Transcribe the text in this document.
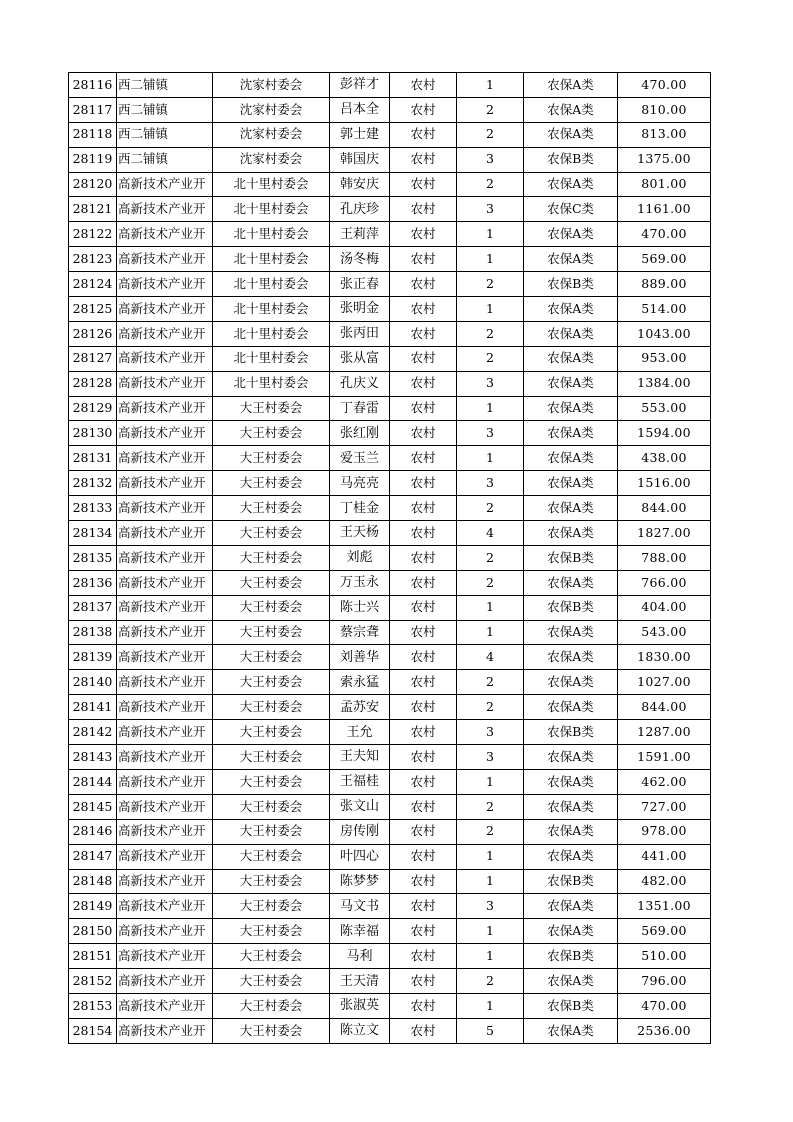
28116	西二铺镇	沈家村委会	彭祥才	农村	1	农保A类	470.00
28117	西二铺镇	沈家村委会	吕本全	农村	2	农保A类	810.00
28118	西二铺镇	沈家村委会	郭士建	农村	2	农保A类	813.00
28119	西二铺镇	沈家村委会	韩国庆	农村	3	农保B类	1375.00
28120	高新技术产业开	北十里村委会	韩安庆	农村	2	农保A类	801.00
28121	高新技术产业开	北十里村委会	孔庆珍	农村	3	农保C类	1161.00
28122	高新技术产业开	北十里村委会	王莉萍	农村	1	农保A类	470.00
28123	高新技术产业开	北十里村委会	汤冬梅	农村	1	农保A类	569.00
28124	高新技术产业开	北十里村委会	张正春	农村	2	农保B类	889.00
28125	高新技术产业开	北十里村委会	张明金	农村	1	农保A类	514.00
28126	高新技术产业开	北十里村委会	张丙田	农村	2	农保A类	1043.00
28127	高新技术产业开	北十里村委会	张从富	农村	2	农保A类	953.00
28128	高新技术产业开	北十里村委会	孔庆义	农村	3	农保A类	1384.00
28129	高新技术产业开	大王村委会	丁春雷	农村	1	农保A类	553.00
28130	高新技术产业开	大王村委会	张红刚	农村	3	农保A类	1594.00
28131	高新技术产业开	大王村委会	爱玉兰	农村	1	农保A类	438.00
28132	高新技术产业开	大王村委会	马亮亮	农村	3	农保A类	1516.00
28133	高新技术产业开	大王村委会	丁桂金	农村	2	农保A类	844.00
28134	高新技术产业开	大王村委会	王天杨	农村	4	农保A类	1827.00
28135	高新技术产业开	大王村委会	刘彪	农村	2	农保B类	788.00
28136	高新技术产业开	大王村委会	万玉永	农村	2	农保A类	766.00
28137	高新技术产业开	大王村委会	陈士兴	农村	1	农保B类	404.00
28138	高新技术产业开	大王村委会	蔡宗聋	农村	1	农保A类	543.00
28139	高新技术产业开	大王村委会	刘善华	农村	4	农保A类	1830.00
28140	高新技术产业开	大王村委会	索永猛	农村	2	农保A类	1027.00
28141	高新技术产业开	大王村委会	孟苏安	农村	2	农保A类	844.00
28142	高新技术产业开	大王村委会	王允	农村	3	农保B类	1287.00
28143	高新技术产业开	大王村委会	王夫知	农村	3	农保A类	1591.00
28144	高新技术产业开	大王村委会	王福桂	农村	1	农保A类	462.00
28145	高新技术产业开	大王村委会	张文山	农村	2	农保A类	727.00
28146	高新技术产业开	大王村委会	房传刚	农村	2	农保A类	978.00
28147	高新技术产业开	大王村委会	叶四心	农村	1	农保A类	441.00
28148	高新技术产业开	大王村委会	陈梦梦	农村	1	农保B类	482.00
28149	高新技术产业开	大王村委会	马文书	农村	3	农保A类	1351.00
28150	高新技术产业开	大王村委会	陈幸福	农村	1	农保A类	569.00
28151	高新技术产业开	大王村委会	马利	农村	1	农保B类	510.00
28152	高新技术产业开	大王村委会	王天清	农村	2	农保A类	796.00
28153	高新技术产业开	大王村委会	张淑英	农村	1	农保B类	470.00
28154	高新技术产业开	大王村委会	陈立文	农村	5	农保A类	2536.00
